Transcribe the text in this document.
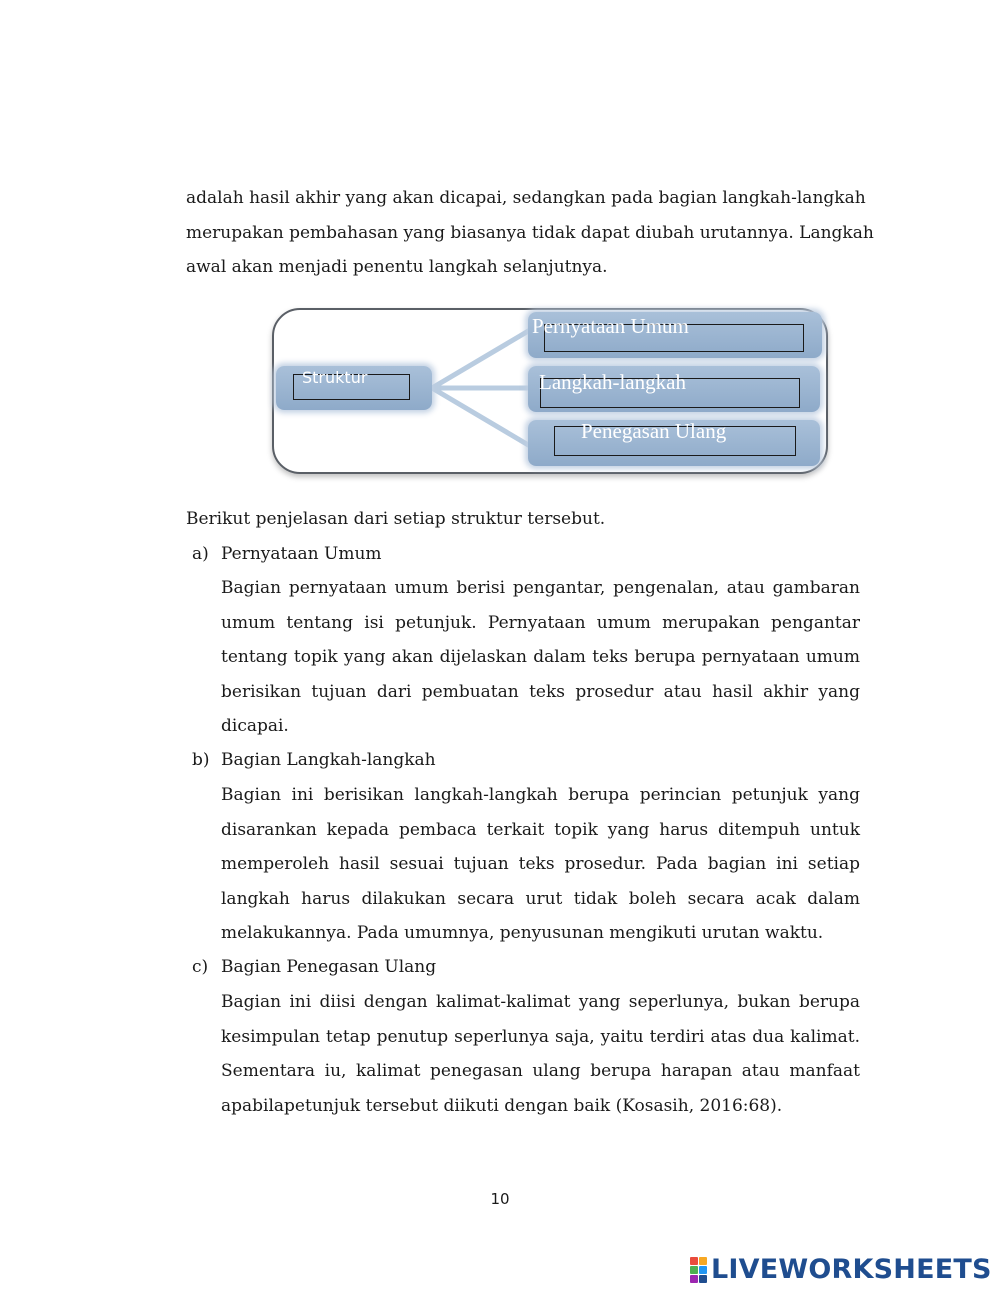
adalah hasil akhir yang akan dicapai, sedangkan pada bagian langkah-langkah
merupakan pembahasan yang biasanya tidak dapat diubah urutannya. Langkah
awal akan menjadi penentu langkah selanjutnya.
Struktur
Pernyataan Umum
Langkah-langkah
Penegasan Ulang
Berikut penjelasan dari setiap struktur tersebut.
a) Pernyataan Umum
Bagian pernyataan umum berisi pengantar, pengenalan, atau gambaran
umum tentang isi petunjuk. Pernyataan umum merupakan pengantar
tentang topik yang akan dijelaskan dalam teks berupa pernyataan umum
berisikan tujuan dari pembuatan teks prosedur atau hasil akhir yang
dicapai.
b) Bagian Langkah-langkah
Bagian ini berisikan langkah-langkah berupa perincian petunjuk yang
disarankan kepada pembaca terkait topik yang harus ditempuh untuk
memperoleh hasil sesuai tujuan teks prosedur. Pada bagian ini setiap
langkah harus dilakukan secara urut tidak boleh secara acak dalam
melakukannya. Pada umumnya, penyusunan mengikuti urutan waktu.
c) Bagian Penegasan Ulang
Bagian ini diisi dengan kalimat-kalimat yang seperlunya, bukan berupa
kesimpulan tetap penutup seperlunya saja, yaitu terdiri atas dua kalimat.
Sementara iu, kalimat penegasan ulang berupa harapan atau manfaat
apabilapetunjuk tersebut diikuti dengan baik (Kosasih, 2016:68).
10
LIVEWORKSHEETS
